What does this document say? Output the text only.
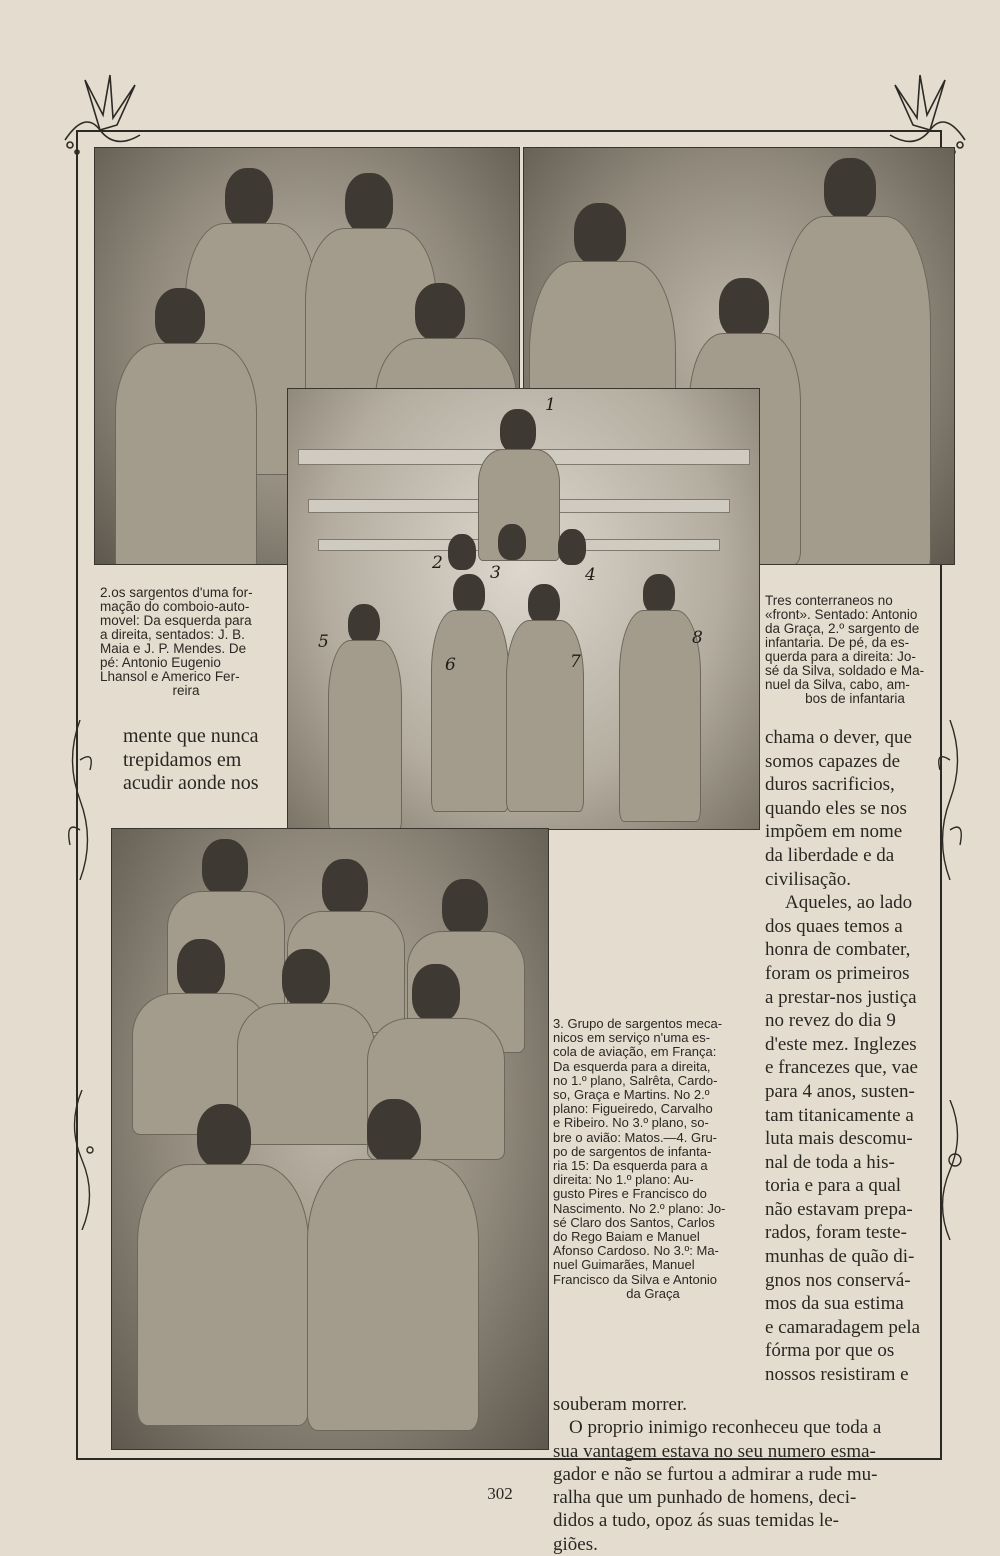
1
2	3	4
5
6	7
8
2.os sargentos d'uma for-
mação do comboio-auto-
movel: Da esquerda para
a direita, sentados: J. B.
Maia e J. P. Mendes. De
pé: Antonio Eugenio
Lhansol e Americo Fer-
reira
Tres conterraneos no
«front». Sentado: Antonio
da Graça, 2.º sargento de
infantaria. De pé, da es-
querda para a direita: Jo-
sé da Silva, soldado e Ma-
nuel da Silva, cabo, am-
bos de infantaria
3. Grupo de sargentos meca-
nicos em serviço n'uma es-
cola de aviação, em França:
Da esquerda para a direita,
no 1.º plano, Salrêta, Cardo-
so, Graça e Martins. No 2.º
plano: Figueiredo, Carvalho
e Ribeiro. No 3.º plano, so-
bre o avião: Matos.—4. Gru-
po de sargentos de infanta-
ria 15: Da esquerda para a
direita: No 1.º plano: Au-
gusto Pires e Francisco do
Nascimento. No 2.º plano: Jo-
sé Claro dos Santos, Carlos
do Rego Baiam e Manuel
Afonso Cardoso. No 3.º: Ma-
nuel Guimarães, Manuel
Francisco da Silva e Antonio
da Graça
mente que nunca
trepidamos em
acudir aonde nos
chama o dever, que
somos capazes de
duros sacrificios,
quando eles se nos
impõem em nome
da liberdade e da
civilisação.
Aqueles, ao lado
dos quaes temos a
honra de combater,
foram os primeiros
a prestar-nos justiça
no revez do dia 9
d'este mez. Inglezes
e francezes que, vae
para 4 anos, susten-
tam titanicamente a
luta mais descomu-
nal de toda a his-
toria e para a qual
não estavam prepa-
rados, foram teste-
munhas de quão di-
gnos nos conservá-
mos da sua estima
e camaradagem pela
fórma por que os
nossos resistiram e
souberam morrer.
O proprio inimigo reconheceu que toda a
sua vantagem estava no seu numero esma-
gador e não se furtou a admirar a rude mu-
ralha que um punhado de homens, deci-
didos a tudo, opoz ás suas temidas le-
giões.
302
